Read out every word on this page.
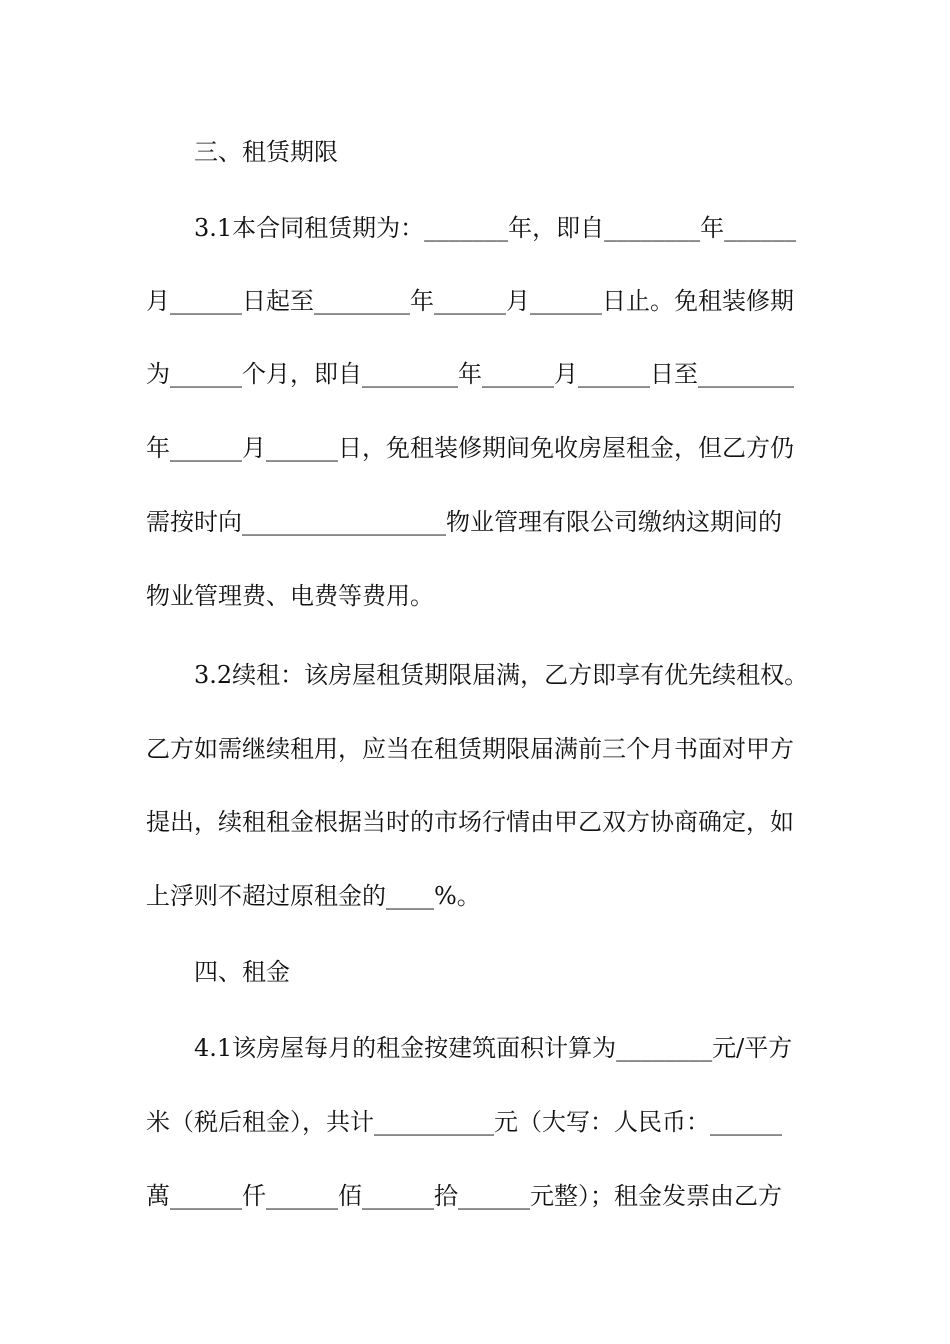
三、租赁期限
3.1本合同租赁期为：_______年，即自________年______
月______日起至________年______月______日止。免租装修期
为______个月，即自________年______月______日至________
年______月______日，免租装修期间免收房屋租金，但乙方仍
需按时向_________________物业管理有限公司缴纳这期间的
物业管理费、电费等费用。
3.2续租：该房屋租赁期限届满，乙方即享有优先续租权。
乙方如需继续租用，应当在租赁期限届满前三个月书面对甲方
提出，续租租金根据当时的市场行情由甲乙双方协商确定，如
上浮则不超过原租金的____%。
四、租金
4.1该房屋每月的租金按建筑面积计算为________元/平方
米（税后租金），共计__________元（大写：人民币：______
萬______仟______佰______拾______元整）；租金发票由乙方
